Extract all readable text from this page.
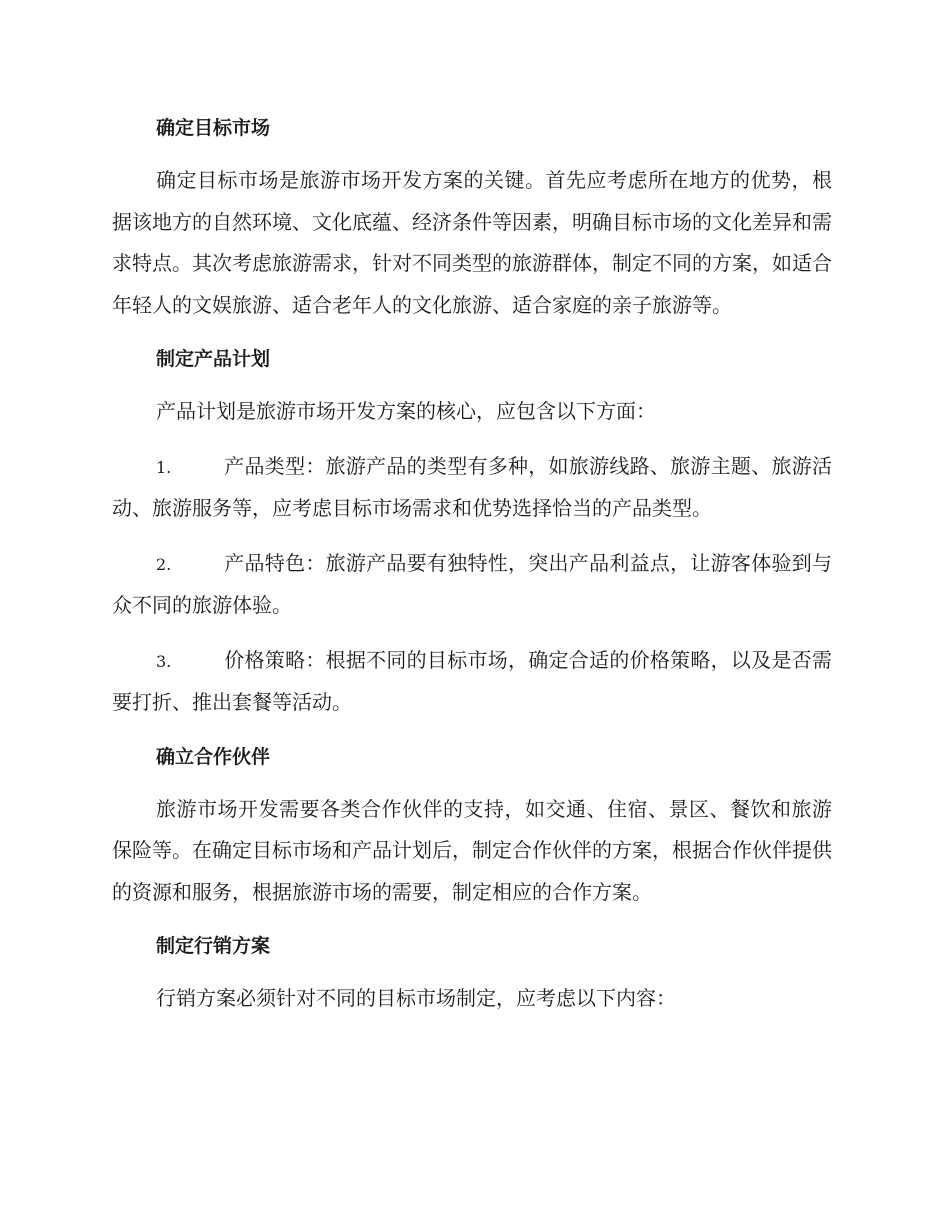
确定目标市场

确定目标市场是旅游市场开发方案的关键。首先应考虑所在地方的优势，根据该地方的自然环境、文化底蕴、经济条件等因素，明确目标市场的文化差异和需求特点。其次考虑旅游需求，针对不同类型的旅游群体，制定不同的方案，如适合年轻人的文娱旅游、适合老年人的文化旅游、适合家庭的亲子旅游等。

制定产品计划

产品计划是旅游市场开发方案的核心，应包含以下方面：

1.	产品类型：旅游产品的类型有多种，如旅游线路、旅游主题、旅游活动、旅游服务等，应考虑目标市场需求和优势选择恰当的产品类型。

2.	产品特色：旅游产品要有独特性，突出产品利益点，让游客体验到与众不同的旅游体验。

3.	价格策略：根据不同的目标市场，确定合适的价格策略，以及是否需要打折、推出套餐等活动。

确立合作伙伴

旅游市场开发需要各类合作伙伴的支持，如交通、住宿、景区、餐饮和旅游保险等。在确定目标市场和产品计划后，制定合作伙伴的方案，根据合作伙伴提供的资源和服务，根据旅游市场的需要，制定相应的合作方案。

制定行销方案

行销方案必须针对不同的目标市场制定，应考虑以下内容：
